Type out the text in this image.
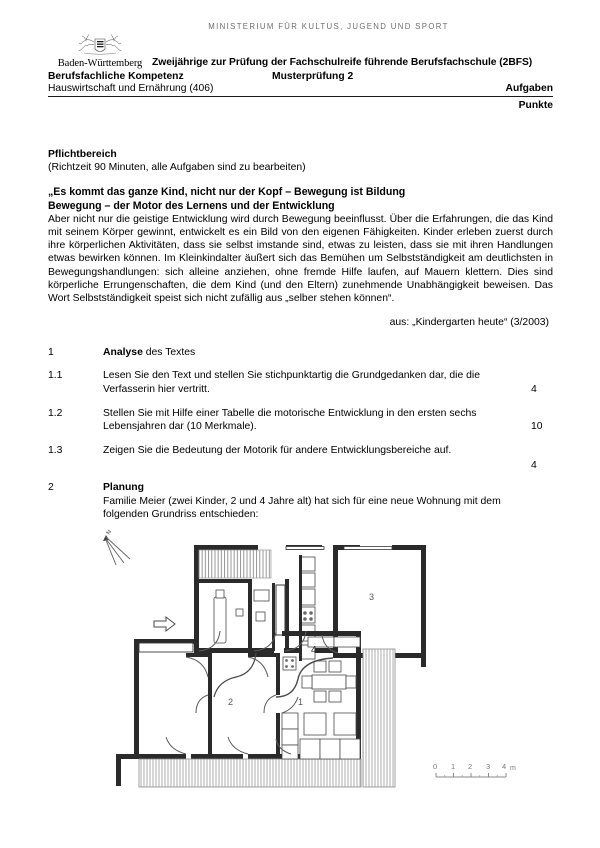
MINISTERIUM FÜR KULTUS, JUGEND UND SPORT
Baden-Württemberg Zweijährige zur Prüfung der Fachschulreife führende Berufsfachschule (2BFS)
Berufsfachliche Kompetenz	Musterprüfung 2
Hauswirtschaft und Ernährung (406)	Aufgaben
Punkte
Pflichtbereich
(Richtzeit 90 Minuten, alle Aufgaben sind zu bearbeiten)
„Es kommt das ganze Kind, nicht nur der Kopf – Bewegung ist Bildung
Bewegung – der Motor des Lernens und der Entwicklung
Aber nicht nur die geistige Entwicklung wird durch Bewegung beeinflusst. Über die Erfahrungen, die das Kind mit seinem Körper gewinnt, entwickelt es ein Bild von den eigenen Fähigkeiten. Kinder erleben zuerst durch ihre körperlichen Aktivitäten, dass sie selbst imstande sind, etwas zu leisten, dass sie mit ihren Handlungen etwas bewirken können. Im Kleinkindalter äußert sich das Bemühen um Selbstständigkeit am deutlichsten in Bewegungshandlungen: sich alleine anziehen, ohne fremde Hilfe laufen, auf Mauern klettern. Dies sind körperliche Errungenschaften, die dem Kind (und den Eltern) zunehmende Unabhängigkeit beweisen. Das Wort Selbstständigkeit speist sich nicht zufällig aus „selber stehen können“.
aus: „Kindergarten heute“ (3/2003)
1	Analyse des Textes
1.1	Lesen Sie den Text und stellen Sie stichpunktartig die Grundgedanken dar, die die Verfasserin hier vertritt.	4
1.2	Stellen Sie mit Hilfe einer Tabelle die motorische Entwicklung in den ersten sechs Lebensjahren dar (10 Merkmale).	10
1.3	Zeigen Sie die Bedeutung der Motorik für andere Entwicklungsbereiche auf.
4
2	Planung
Familie Meier (zwei Kinder, 2 und 4 Jahre alt) hat sich für eine neue Wohnung mit dem folgenden Grundriss entschieden:
N
3
2	1
4
0 1 2 3 4 m
